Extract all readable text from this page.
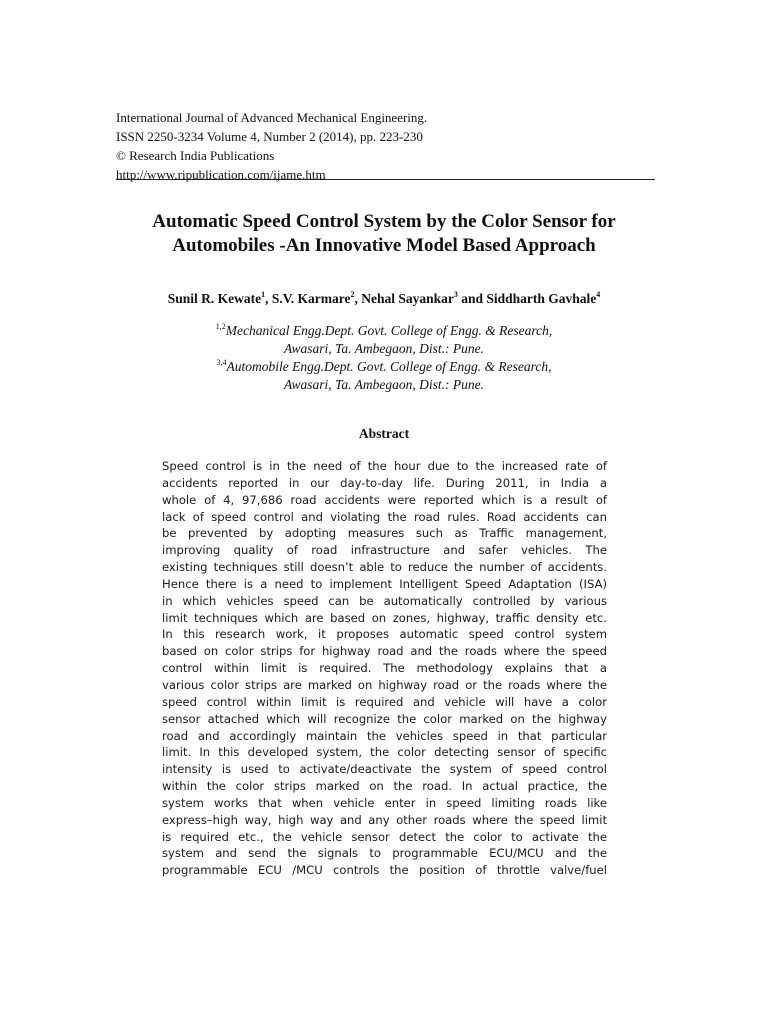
International Journal of Advanced Mechanical Engineering.
ISSN 2250-3234 Volume 4, Number 2 (2014), pp. 223-230
© Research India Publications
http://www.ripublication.com/ijame.htm
Automatic Speed Control System by the Color Sensor for
Automobiles -An Innovative Model Based Approach
Sunil R. Kewate$^1$, S.V. Karmare$^2$, Nehal Sayankar$^3$ and Siddharth Gavhale$^4$
$^{1,2}$Mechanical Engg.Dept. Govt. College of Engg. & Research,
Awasari, Ta. Ambegaon, Dist.: Pune.
$^{3,4}$Automobile Engg.Dept. Govt. College of Engg. & Research,
Awasari, Ta. Ambegaon, Dist.: Pune.
Abstract
Speed control is in the need of the hour due to the increased rate of
accidents reported in our day-to-day life. During 2011, in India a
whole of 4, 97,686 road accidents were reported which is a result of
lack of speed control and violating the road rules. Road accidents can
be prevented by adopting measures such as Traffic management,
improving quality of road infrastructure and safer vehicles. The
existing techniques still doesn’t able to reduce the number of accidents.
Hence there is a need to implement Intelligent Speed Adaptation (ISA)
in which vehicles speed can be automatically controlled by various
limit techniques which are based on zones, highway, traffic density etc.
In this research work, it proposes automatic speed control system
based on color strips for highway road and the roads where the speed
control within limit is required. The methodology explains that a
various color strips are marked on highway road or the roads where the
speed control within limit is required and vehicle will have a color
sensor attached which will recognize the color marked on the highway
road and accordingly maintain the vehicles speed in that particular
limit. In this developed system, the color detecting sensor of specific
intensity is used to activate/deactivate the system of speed control
within the color strips marked on the road. In actual practice, the
system works that when vehicle enter in speed limiting roads like
express–high way, high way and any other roads where the speed limit
is required etc., the vehicle sensor detect the color to activate the
system and send the signals to programmable ECU/MCU and the
programmable ECU /MCU controls the position of throttle valve/fuel
